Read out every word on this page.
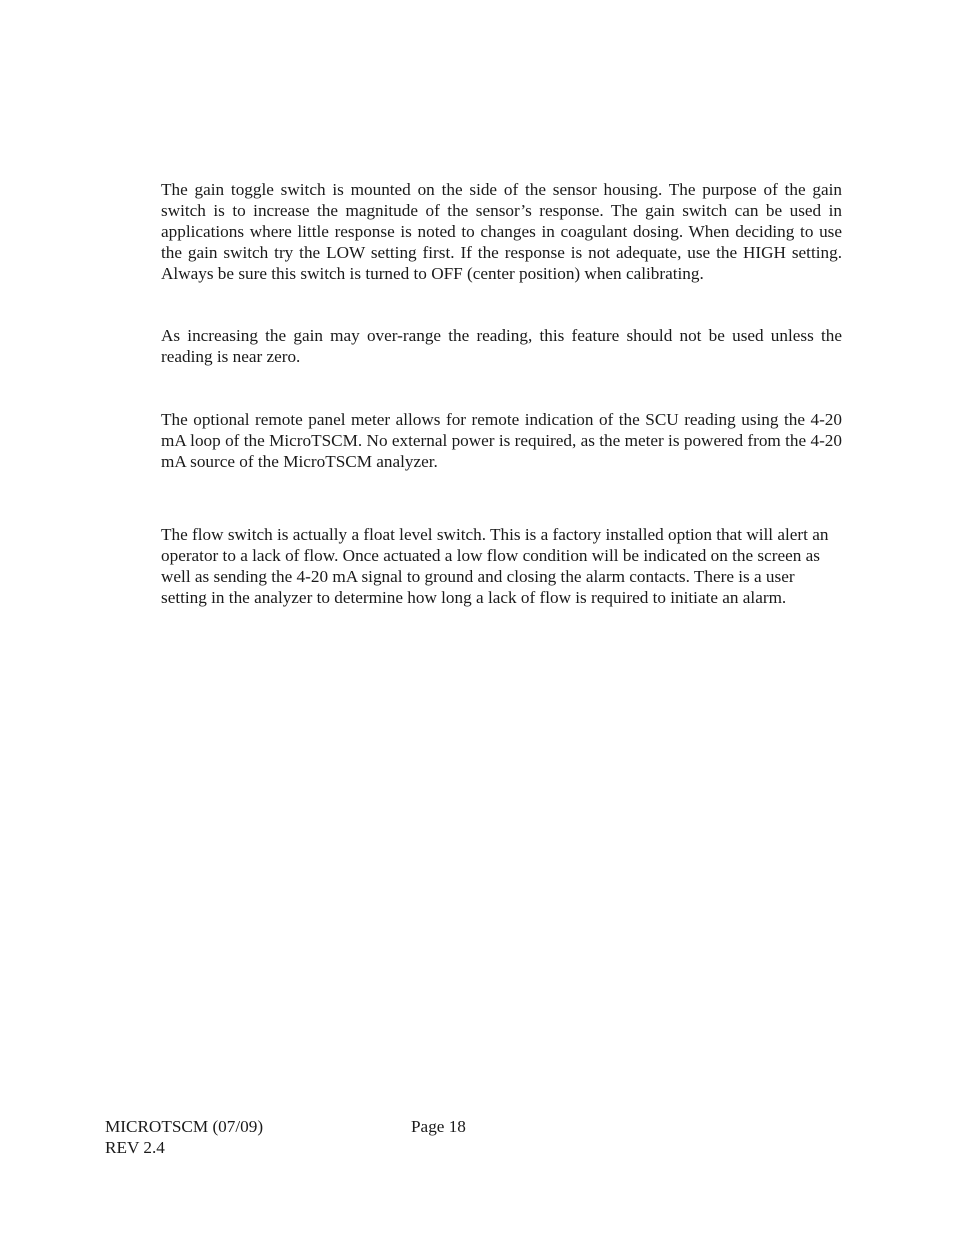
The gain toggle switch is mounted on the side of the sensor housing. The purpose of the gain switch is to increase the magnitude of the sensor’s response. The gain switch can be used in applications where little response is noted to changes in coagulant dosing. When deciding to use the gain switch try the LOW setting first. If the response is not adequate, use the HIGH setting. Always be sure this switch is turned to OFF (center position) when calibrating.

As increasing the gain may over-range the reading, this feature should not be used unless the reading is near zero.

The optional remote panel meter allows for remote indication of the SCU reading using the 4-20 mA loop of the MicroTSCM. No external power is required, as the meter is powered from the 4-20 mA source of the MicroTSCM analyzer.

The flow switch is actually a float level switch. This is a factory installed option that will alert an operator to a lack of flow. Once actuated a low flow condition will be indicated on the screen as well as sending the 4-20 mA signal to ground and closing the alarm contacts. There is a user setting in the analyzer to determine how long a lack of flow is required to initiate an alarm.

MICROTSCM (07/09)
REV 2.4
Page 18
